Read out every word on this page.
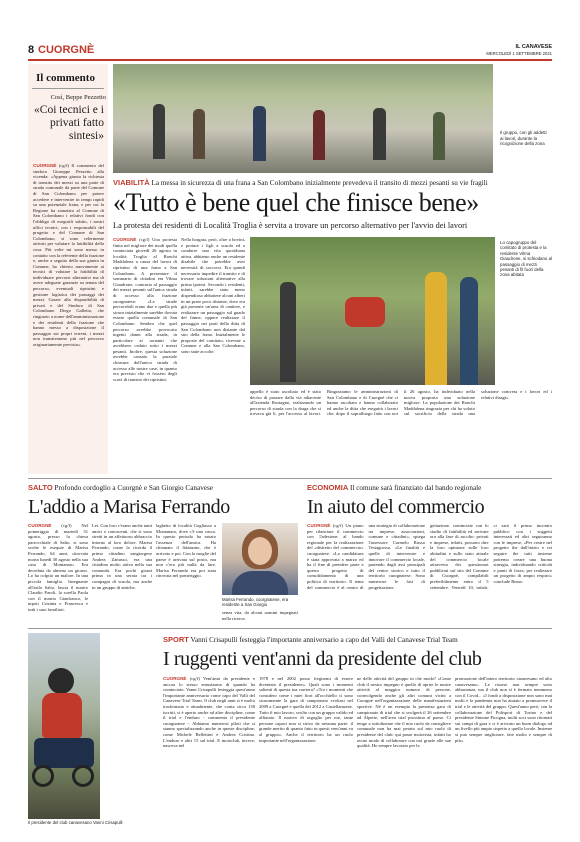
8 CUORGNÈ	IL CANAVESE
MERCOLEDÌ 1 SETTEMBRE 2021
Il commento
Così, Beppe Pezzetto
«Coi tecnici e i privati fatto sintesi»
CUORGNÈ (cg/f) Il commento del sindaco Giuseppe Pezzetto alla vicenda: «Appena giunta la richiesta di transito dei mezzi su una parte di strada comunale da parte del Comune di San Colombano per potere accedere e intervenire in tempi rapidi su una potenziale frana, e per cui la Regione ha stanziato al Comune di San Colombano i relativi fondi con l'obbligo di eseguirli subito, i nostri uffici tecnici, con i responsabili del progetto e del Comune di San Colombano, si sono celermente attivati per valutare la fattibilità della cosa. Più volte mi sono messo in contatto con la referente della frazione e, anche a seguito della sua giunta in Comune, ho chiesto nuovamente ai tecnici di valutare la fattibilità di individuare percorsi alternativi ma di avere adeguate garanzie su tenuta del percorso, eventuali ripristini e gestione logistica dei passaggi dei mezzi. Grazie alla disponibilità di privati e del Sindaco di San Colombano Diego Galletto, che ringrazio a nome dell'amministrazione e dei residenti della frazione che hanno messo a disposizione il passaggio sui propri terreni, i mezzi non transiteranno più nel percorso originariamente previsto».
Il gruppo, con gli addetti ai lavori, durante la ricognizione della zona
VIABILITÀ La messa in sicurezza di una frana a San Colombano inizialmente prevedeva il transito di mezzi pesanti su vie fragili
«Tutto è bene quel che finisce bene»
La protesta dei residenti di Località Troglia è servita a trovare un percorso alternativo per l'avvio dei lavori
CUORGNÈ (cg/f) Una protesta finita nel migliore dei modi quella cominciata giovedì 26 agosto in località Troglia al Ronchi Maddalena a causa del lavori di ripristino di una frana a San Colombano. A presentare il sommario di cittadini era Vilma Giaudrone, contraria al passaggio dei mezzi pesanti sull'unica strada di accesso alla frazione cuorgnatese: «Le strade percorribili erano due e quella più sicura inizialmente sarebbe dovuta essere quella comunale di San Colombano. Sembra che quel percorso avrebbe provocato ingenti danni alla strada, in particolare ai tornanti che avrebbero ceduto sotto i mezzi pesanti. Inoltre, questa soluzione avrebbe causato la parziale chiusura dell'unica strada di accesso alle nostre case, in quanto era previsto che vi fossero degli scavi di transito dei ripristini.
Nella borgata, però, oltre a bovini, e portare i figli a scuola ed a condurre una vita quotidiana attiva, abbiamo anche un residente disabile che potrebbe aver necessità di soccorsi. Era quindi necessario impedire il transito e di trovare soluzioni alternative alla prima ipotesi. Secondo i residenti, infatti, sarebbe stato meno dispendioso abbattere alcuni alberi in un prato poco distante, dove era già presente un'area di cantiere, e realizzare un passaggio sul guado del fiume, oppure realizzare il passaggio nei prati della ditta di San Colombano non distante dal sito della frana. Inizialmente le proposte del comitato, ricevute a Comune e alla San Colombano, sono state accolte.
Lo capogruppo del comitato di protesta e la residente Vilma Giaudrone, si schiodano al passaggio di mezzi pesanti di fil fuori della zona abitata
appello è stato ascoltato ed è stato deciso di passare dalla via adiacente all'azienda Rostagno, realizzando un percorso di strada con la draga che si trovava già li, per l'accesso al lavori. Ringraziamo le amministrazioni di San Colombano e di Cuorgnè che ci hanno ascoltato e hanno collaborato ed anche la ditta che eseguirà i lavori che, dopo il sopralluogo fatto con noi il 26 agosto, ha individuato nella nuova proposta una soluzione migliore. La popolazione dei Ronchi Maddalena ringrazia per chi ha voluto sul sacrificio della strada una soluzione concreta e i lavori ed i relativi disagi».
SALTO Profondo cordoglio a Cuorgnè e San Giorgio Canavese
L'addio a Marisa Ferrando
CUORGNÈ (cg/f) Nel pomeriggio di martedì 31 agosto, presso la chiesa parrocchiale di Salto, si sono svolte le esequie di Marisa Ferrando, 64 anni, ritrovata morta lunedì 30 agosto nella sua casa di Montanaro. Era deceduta da almeno un giorno. Lo ha colpito un malore. In una piccola famiglia. Insegnante all'asilo Salto, lascia il marito Claudio Paroli, la sorella Paola con il marito Gianfranco, le nipoti Cristina e Francesca e tutti i suoi familiari.
Lei. Con loro c'erano anche tanti amici e conoscenti, che si sono stretti in un affettuoso abbraccio intorno al loro dolore. Marisa Ferrando, come la ricorda il primo cittadino sangiorgese Andrea Zanusso, era una cittadina molto attiva nella sua comunità. Era pochi giorni prima in una serata tra i compagni di scuola, ma anche in un gruppo di amiche.
laghetto di località Gogliasso a Montanaro, dove c'è una vasca. In questo periodo ha notato l'assenza dell'amica. Ha chiamato il fidanzato, che è arrivato e poi. Con la moglie del paese è arrivata sul posto, ma non c'era più nulla da fare. Marisa Ferrando era poi stata ritrovata nel pomeriggio.
Marisa Ferrando, cuorgnatese, era residente a San Giorgio
senza vita, da alcuni uomini impegnati nella ricerca.
ECONOMIA Il comune sarà finanziato dal bando regionale
In aiuto del commercio
CUORGNÈ (cg/f) Un piano per rilanciare il commercio con l'adesione al bando regionale per la realizzazione del «distretto del commercio» cuorgnatese. «La candidatura è stata approvata a marzo ed ha il fine di prendere parte a questo progetto di consolidamento di una politica di territorio. Il tema del commercio è al centro di una strategia di collaborazione tra imprese, associazioni, comune e cittadini», spiega l'assessore Carmelo Russo Testagrossa. «Le finalità e quelle di intervenire e innovare il commercio locale, partendo dagli assi principali del centro storico e tutto il territorio cuorgnatese. Sono numerose le fasi di progettazione.
gettazione, cominciate con lo studio di fattibilità ed arrivate ora alla fase di ascolto: privati e imprese, infatti, possono dire la loro opinione sulle loro abitudini e sullo stato attuale del commercio locale attraverso dei questionari pubblicati sul sito del Comune di Cuorgnè, compilabili preferibilmente entro il 5 settembre. Venerdì 10, infatti, ci sarà il primo incontro pubblico con i soggetti interessati ed altri seguiranno con le imprese, «Per creare nel progetto the dall'inizio e rei seguire the tutti insieme potremo creare una buona sinergia, individuando criticità e punti di forza, per realizzare un progetto di ampio respiro» conclude Russo.
Il presidente del club canavesano Vanni Crisapulli
SPORT Vanni Crisapulli festeggia l'importante anniversario a capo del Valli del Canavese Trial Team
I ruggenti vent'anni da presidente del club
CUORGNÈ (cg/f) Vent'anni da presidente e ancora lo stesso entusiasmo di quando ha cominciato: Vanni Crisapulli festeggia quest'anno l'importante anniversario come capo del Valli del Canavese Trial Team. Il club negli anni si è molto trasformato e attualmente, che conta circa 130 iscritti, si è aperto anche ad altre discipline, come il trial e l'enduro - commenta il presidente cuorgnatese -. Abbiamo numerosi piloti che si stanno specializzando anche in queste discipline, come Michele Bellettini e Andrea Cristina. L'enduro e altri 15 sul trial. E motoclub, invece, nasceva nel
1978 e nel 2002 posso fregiarmi di essere diventato il presidente». Quali sono i momenti salienti di questa tua carriera? «Tra i momenti che considero come i miei fiori all'occhiello ci sono sicuramente la gara di campionato svoltasi nel 2009 a Cuorgnè e quella del 2012 a Castellamonte. Tutto il mio lavoro, svolto con un gruppo valido ed affiatato. Il motivo di orgoglio per me, tante persone capaci non si sirivo da nessuna parte: il grande merito di quanto fatto in questi vent'anni va al gruppo». Anche il territorio ha un ruolo importante nell'organizzazione
ne delle attività del gruppo in che modo? «Come club il nostro impegno è quello di aprire le nostre attività al maggior numero di persone, coinvolgendo anche gli altri comuni vicini a Cuorgnè nell'organizzazione delle manifestazioni sportive. Né è un esempio la presenza gara di campionato di trial che si svolgerà il 26 settembre ad Alpette, nell'area trial prossima al paese. Ci tengo a sottolineare che il mio ruolo da consigliere comunale non ha mai pesato sul mio ruolo di presidente del club: qui passe motorista, infatti ho avuto modo di collaborare con noi grazie alle sue qualità. Ho sempre lavorato per la
promozione dell'intero territorio canavesano ed alto canavesano». Le risorse non sempre sono abbastanza, ma il club non si è fermato nemmeno con il Covid... «I fondi a disposizione non sono mai molti e la pandemia non ha aiutato a promuovere il trial e le attività del gruppo. Quest'anno però, con la collaborazione del Polisport di Torino e del presidente Simone Picogna, molti soci sono ritornati sui campi di gara e ci è arrivato un buon dialogo ad un livello più ampio rispetto a quello locale. Insieme si può sempre migliorare, fare molto e sempre di più».
